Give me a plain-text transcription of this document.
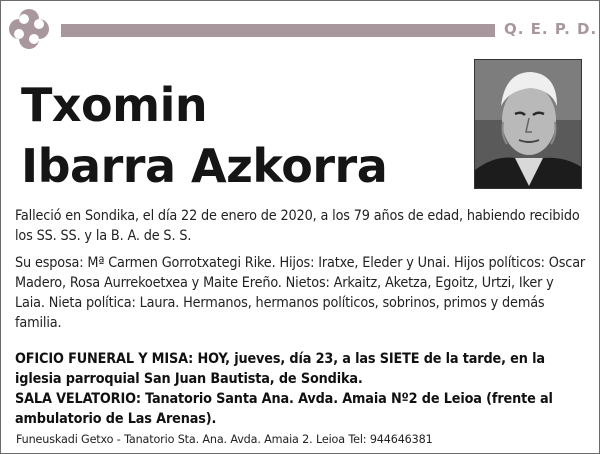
Q. E. P. D.
Txomin
Ibarra Azkorra
Falleció en Sondika, el día 22 de enero de 2020, a los 79 años de edad, habiendo recibido los SS. SS. y la B. A. de S. S.
Su esposa: Mª Carmen Gorrotxategi Rike. Hijos: Iratxe, Eleder y Unai. Hijos políticos: Oscar Madero, Rosa Aurrekoetxea y Maite Ereño. Nietos: Arkaitz, Aketza, Egoitz, Urtzi, Iker y Laia. Nieta política: Laura. Hermanos, hermanos políticos, sobrinos, primos y demás familia.
OFICIO FUNERAL Y MISA: HOY, jueves, día 23, a las SIETE de la tarde, en la iglesia parroquial San Juan Bautista, de Sondika.
SALA VELATORIO: Tanatorio Santa Ana. Avda. Amaia Nº2 de Leioa (frente al ambulatorio de Las Arenas).
Funeuskadi Getxo - Tanatorio Sta. Ana. Avda. Amaia 2. Leioa Tel: 944646381
